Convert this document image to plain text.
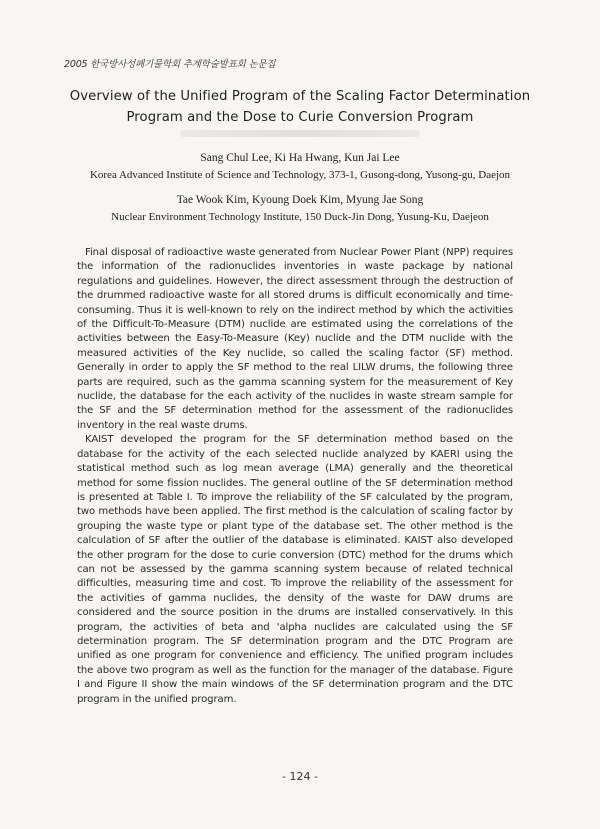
2005 한국방사성폐기물학회 추계학술발표회 논문집
Overview of the Unified Program of the Scaling Factor Determination
Program and the Dose to Curie Conversion Program
Sang Chul Lee, Ki Ha Hwang, Kun Jai Lee
Korea Advanced Institute of Science and Technology, 373-1, Gusong-dong, Yusong-gu, Daejon
Tae Wook Kim, Kyoung Doek Kim, Myung Jae Song
Nuclear Environment Technology Institute, 150 Duck-Jin Dong, Yusung-Ku, Daejeon

Final disposal of radioactive waste generated from Nuclear Power Plant (NPP) requires the information of the radionuclides inventories in waste package by national regulations and guidelines. However, the direct assessment through the destruction of the drummed radioactive waste for all stored drums is difficult economically and time-consuming. Thus it is well-known to rely on the indirect method by which the activities of the Difficult-To-Measure (DTM) nuclide are estimated using the correlations of the activities between the Easy-To-Measure (Key) nuclide and the DTM nuclide with the measured activities of the Key nuclide, so called the scaling factor (SF) method. Generally in order to apply the SF method to the real LILW drums, the following three parts are required, such as the gamma scanning system for the measurement of Key nuclide, the database for the each activity of the nuclides in waste stream sample for the SF and the SF determination method for the assessment of the radionuclides inventory in the real waste drums.

KAIST developed the program for the SF determination method based on the database for the activity of the each selected nuclide analyzed by KAERI using the statistical method such as log mean average (LMA) generally and the theoretical method for some fission nuclides. The general outline of the SF determination method is presented at Table I. To improve the reliability of the SF calculated by the program, two methods have been applied. The first method is the calculation of scaling factor by grouping the waste type or plant type of the database set. The other method is the calculation of SF after the outlier of the database is eliminated. KAIST also developed the other program for the dose to curie conversion (DTC) method for the drums which can not be assessed by the gamma scanning system because of related technical difficulties, measuring time and cost. To improve the reliability of the assessment for the activities of gamma nuclides, the density of the waste for DAW drums are considered and the source position in the drums are installed conservatively. In this program, the activities of beta and 'alpha nuclides are calculated using the SF determination program. The SF determination program and the DTC Program are unified as one program for convenience and efficiency. The unified program includes the above two program as well as the function for the manager of the database. Figure I and Figure II show the main windows of the SF determination program and the DTC program in the unified program.

- 124 -
